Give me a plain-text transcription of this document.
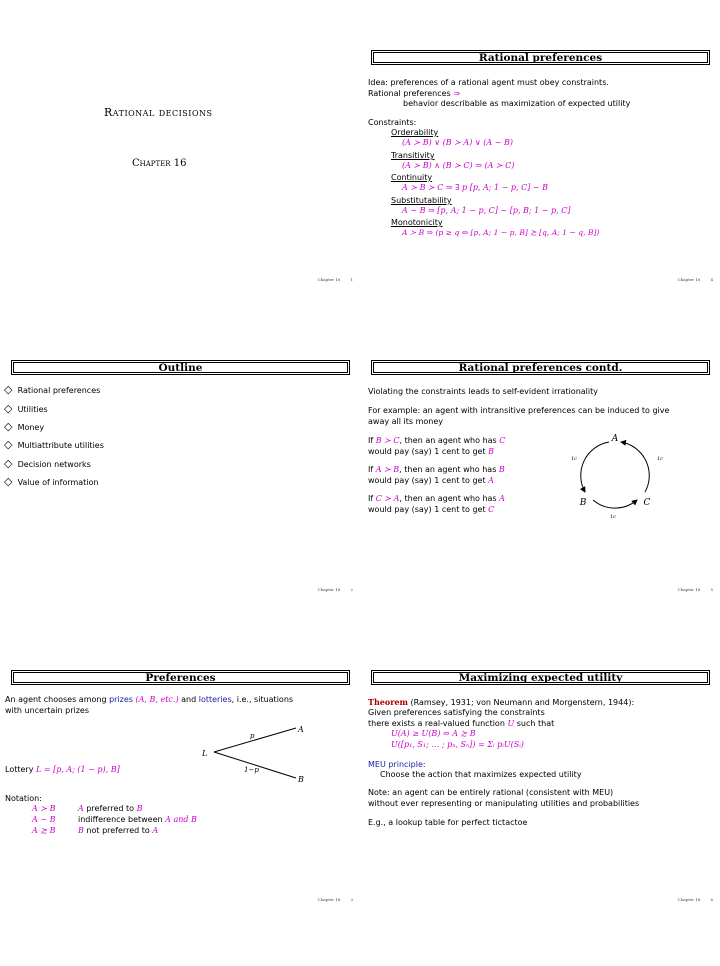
Rational decisions
Chapter 16
Chapter 16	1
Rational preferences
Idea: preferences of a rational agent must obey constraints.
Rational preferences ⇒
behavior describable as maximization of expected utility
Constraints:
Orderability
(A ≻ B) ∨ (B ≻ A) ∨ (A ∼ B)
Transitivity
(A ≻ B) ∧ (B ≻ C) ⇒ (A ≻ C)
Continuity
A ≻ B ≻ C ⇒ ∃ p [p, A; 1 − p, C] ∼ B
Substitutability
A ∼ B ⇒ [p, A; 1 − p, C] ∼ [p, B; 1 − p, C]
Monotonicity
A ≻ B ⇒ (p ≥ q ⇔ [p, A; 1 − p, B] ≿ [q, A; 1 − q, B])
Chapter 16	4
Outline
◇ Rational preferences
◇ Utilities
◇ Money
◇ Multiattribute utilities
◇ Decision networks
◇ Value of information
Chapter 16	2
Rational preferences contd.
Violating the constraints leads to self-evident irrationality
For example: an agent with intransitive preferences can be induced to give
away all its money
If B ≻ C, then an agent who has C
would pay (say) 1 cent to get B
If A ≻ B, then an agent who has B
would pay (say) 1 cent to get A
If C ≻ A, then an agent who has A
would pay (say) 1 cent to get C
A
B	C
1c	1c
1c
Chapter 16	5
Preferences
An agent chooses among prizes (A, B, etc.) and lotteries, i.e., situations
with uncertain prizes
L
A
B
p
1−p
Lottery L = [p, A; (1 − p), B]
Notation:
A ≻ B	A preferred to B
A ∼ B	indifference between A and B
A ≿ B	B not preferred to A
Chapter 16	3
Maximizing expected utility
Theorem (Ramsey, 1931; von Neumann and Morgenstern, 1944):
Given preferences satisfying the constraints
there exists a real-valued function U such that
U(A) ≥ U(B) ⇔ A ≿ B
U([p₁, S₁; … ; pₙ, Sₙ]) = Σᵢ pᵢU(Sᵢ)
MEU principle:
Choose the action that maximizes expected utility
Note: an agent can be entirely rational (consistent with MEU)
without ever representing or manipulating utilities and probabilities
E.g., a lookup table for perfect tictactoe
Chapter 16	6
